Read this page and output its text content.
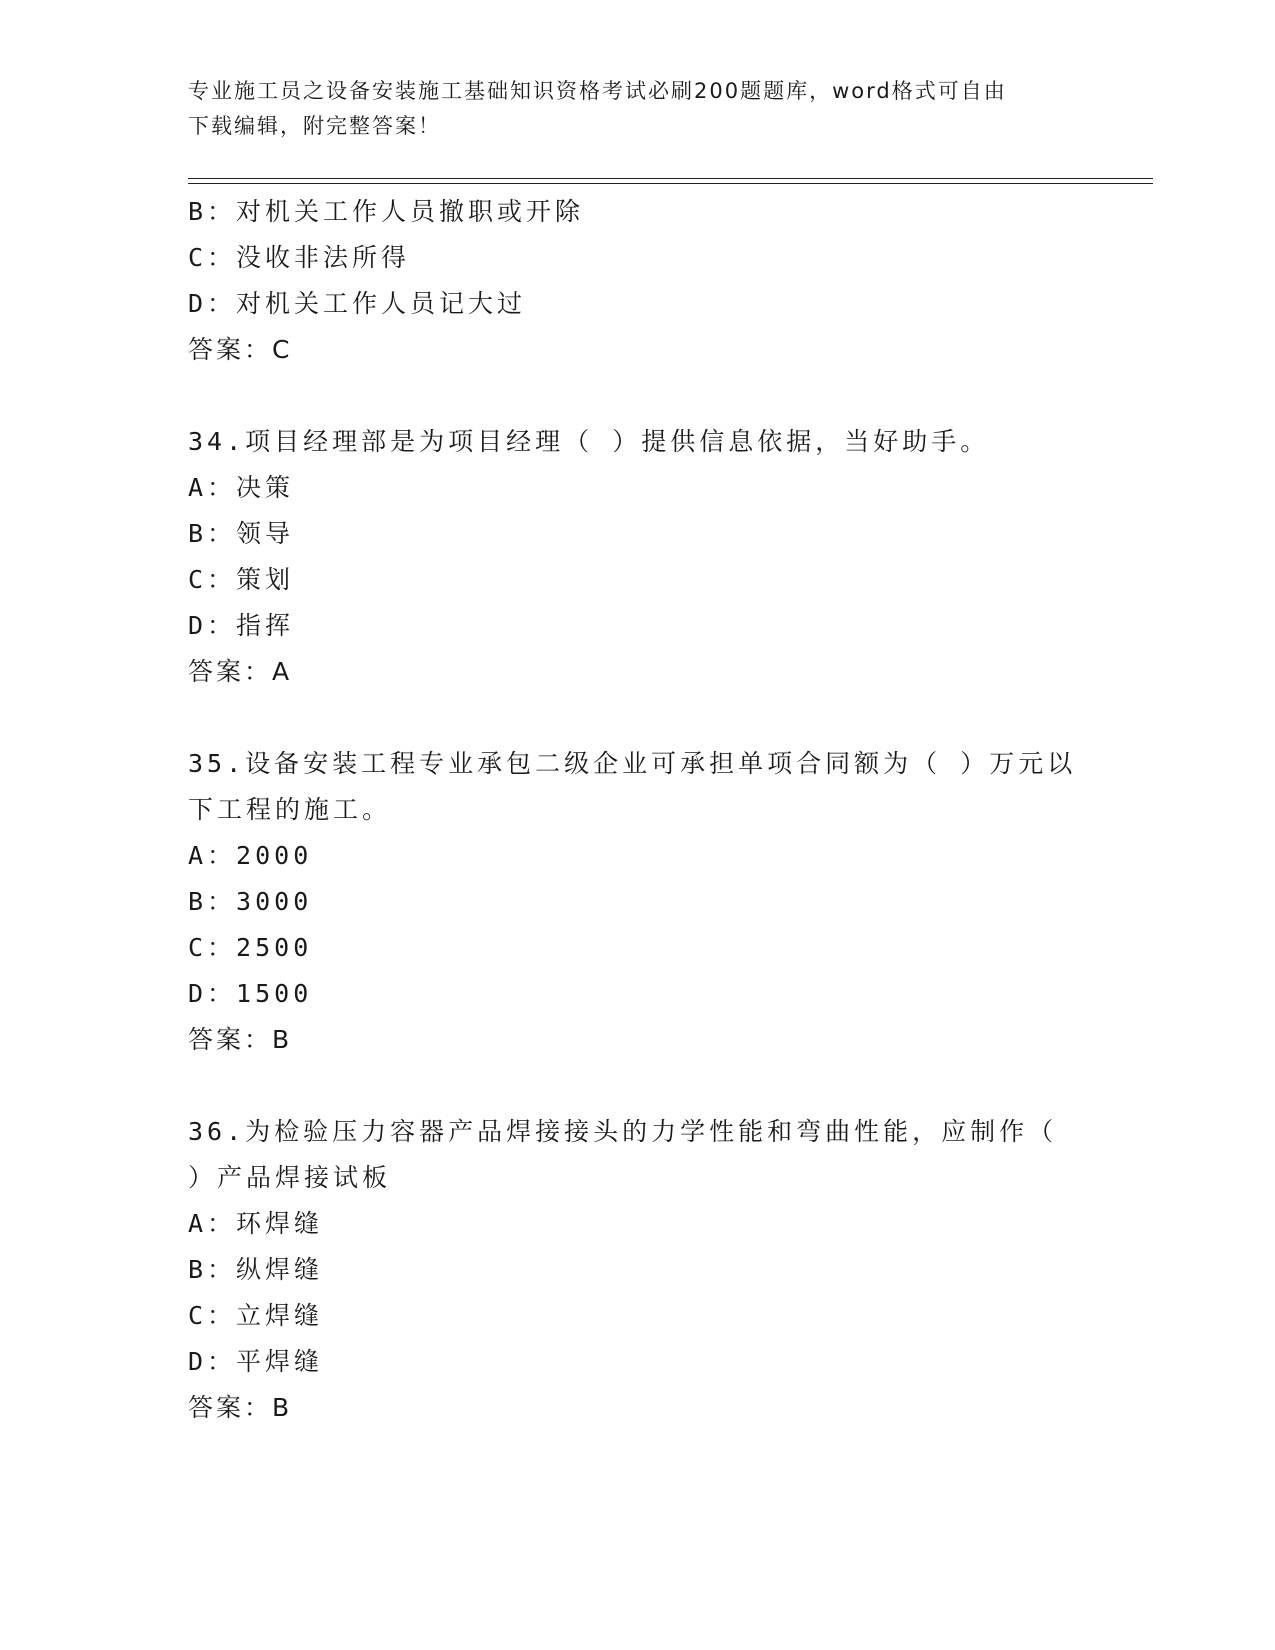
专业施工员之设备安装施工基础知识资格考试必刷200题题库，word格式可自由
下载编辑，附完整答案！
B：对机关工作人员撤职或开除
C：没收非法所得
D：对机关工作人员记大过
答案：C
34.项目经理部是为项目经理（ ）提供信息依据，当好助手。
A：决策
B：领导
C：策划
D：指挥
答案：A
35.设备安装工程专业承包二级企业可承担单项合同额为（ ）万元以
下工程的施工。
A：2000
B：3000
C：2500
D：1500
答案：B
36.为检验压力容器产品焊接接头的力学性能和弯曲性能，应制作（
）产品焊接试板
A：环焊缝
B：纵焊缝
C：立焊缝
D：平焊缝
答案：B
